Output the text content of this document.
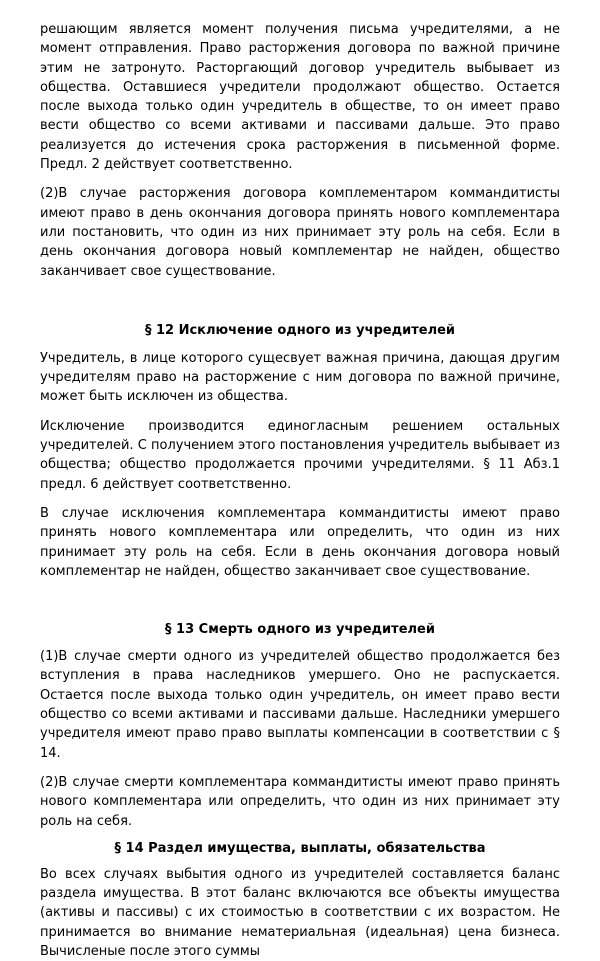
решающим является момент получения письма учредителями, а не момент отправления. Право расторжения договора по важной причине этим не затронуто. Расторгающий договор учредитель выбывает из общества. Оставшиеся учредители продолжают общество. Остается после выхода только один учредитель в обществе, то он имеет право вести общество со всеми активами и пассивами дальше. Это право реализуется до истечения срока расторжения в письменной форме. Предл. 2 действует соответственно.

(2)В случае расторжения договора комплементаром коммандитисты имеют право в день окончания договора принять нового комплементара или постановить, что один из них принимает эту роль на себя. Если в день окончания договора новый комплементар не найден, общество заканчивает свое существование.

§ 12 Исключение одного из учредителей

Учредитель, в лице которого сущесвует важная причина, дающая другим учредителям право на расторжение с ним договора по важной причине, может быть исключен из общества.

Исключение производится единогласным решением остальных учредителей. С получением этого постановления учредитель выбывает из общества; общество продолжается прочими учредителями. § 11 Абз.1 предл. 6 действует соответственно.

В случае исключения комплементара коммандитисты имеют право принять нового комплементара или определить, что один из них принимает эту роль на себя. Если в день окончания договора новый комплементар не найден, общество заканчивает свое существование.

§ 13 Смерть одного из учредителей

(1)В случае смерти одного из учредителей общество продолжается без вступления в права наследников умершего. Оно не распускается. Остается после выхода только один учредитель, он имеет право вести общество со всеми активами и пассивами дальше. Наследники умершего учредителя имеют право право выплаты компенсации в соответствии с § 14.

(2)В случае смерти комплементара коммандитисты имеют право принять нового комплементара или определить, что один из них принимает эту роль на себя.

§ 14 Раздел имущества, выплаты, обязательства

Во всех случаях выбытия одного из учредителей составляется баланс раздела имущества. В этот баланс включаются все объекты имущества (активы и пассивы) с их стоимостью в соответствии с их возрастом. Не принимается во внимание нематериальная (идеальная) цена бизнеса. Вычисленые после этого суммы
